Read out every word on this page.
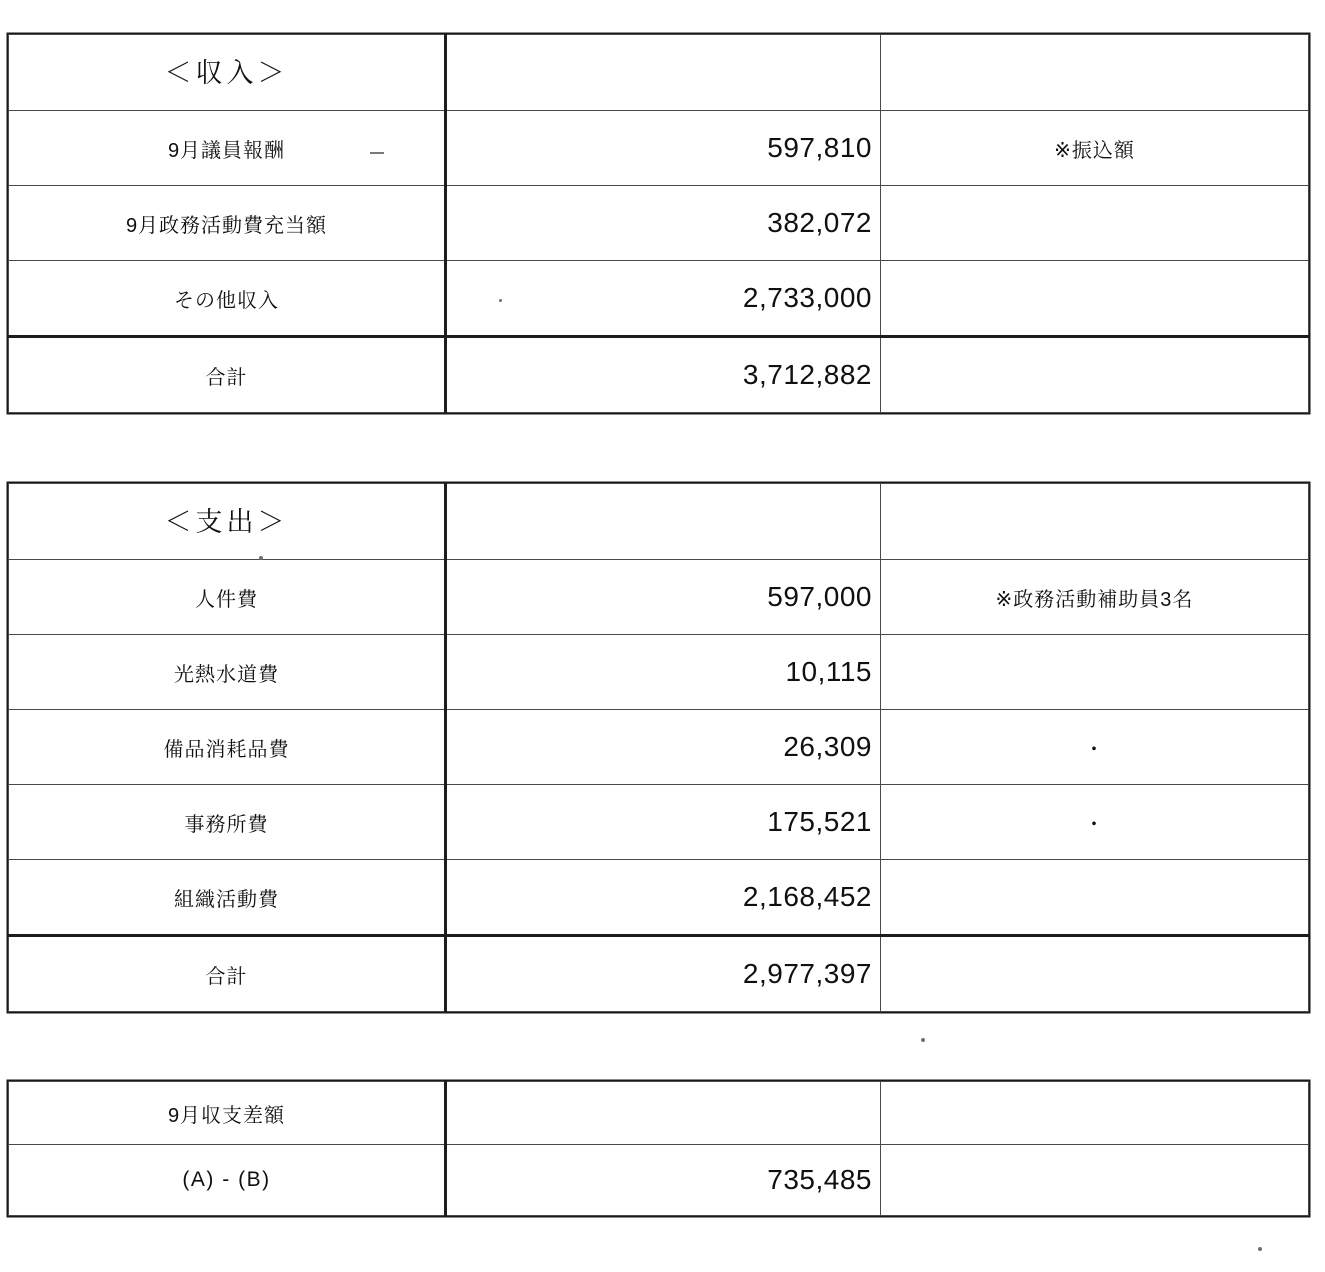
＜収入＞		

9月議員報酬	597,810	※振込額

9月政務活動費充当額	382,072	

その他収入	2,733,000	

合計	3,712,882	

＜支出＞		

人件費	597,000	※政務活動補助員3名

光熱水道費	10,115	

備品消耗品費	26,309	・

事務所費	175,521	・

組織活動費	2,168,452	

合計	2,977,397	

9月収支差額		

(A) - (B)	735,485	
